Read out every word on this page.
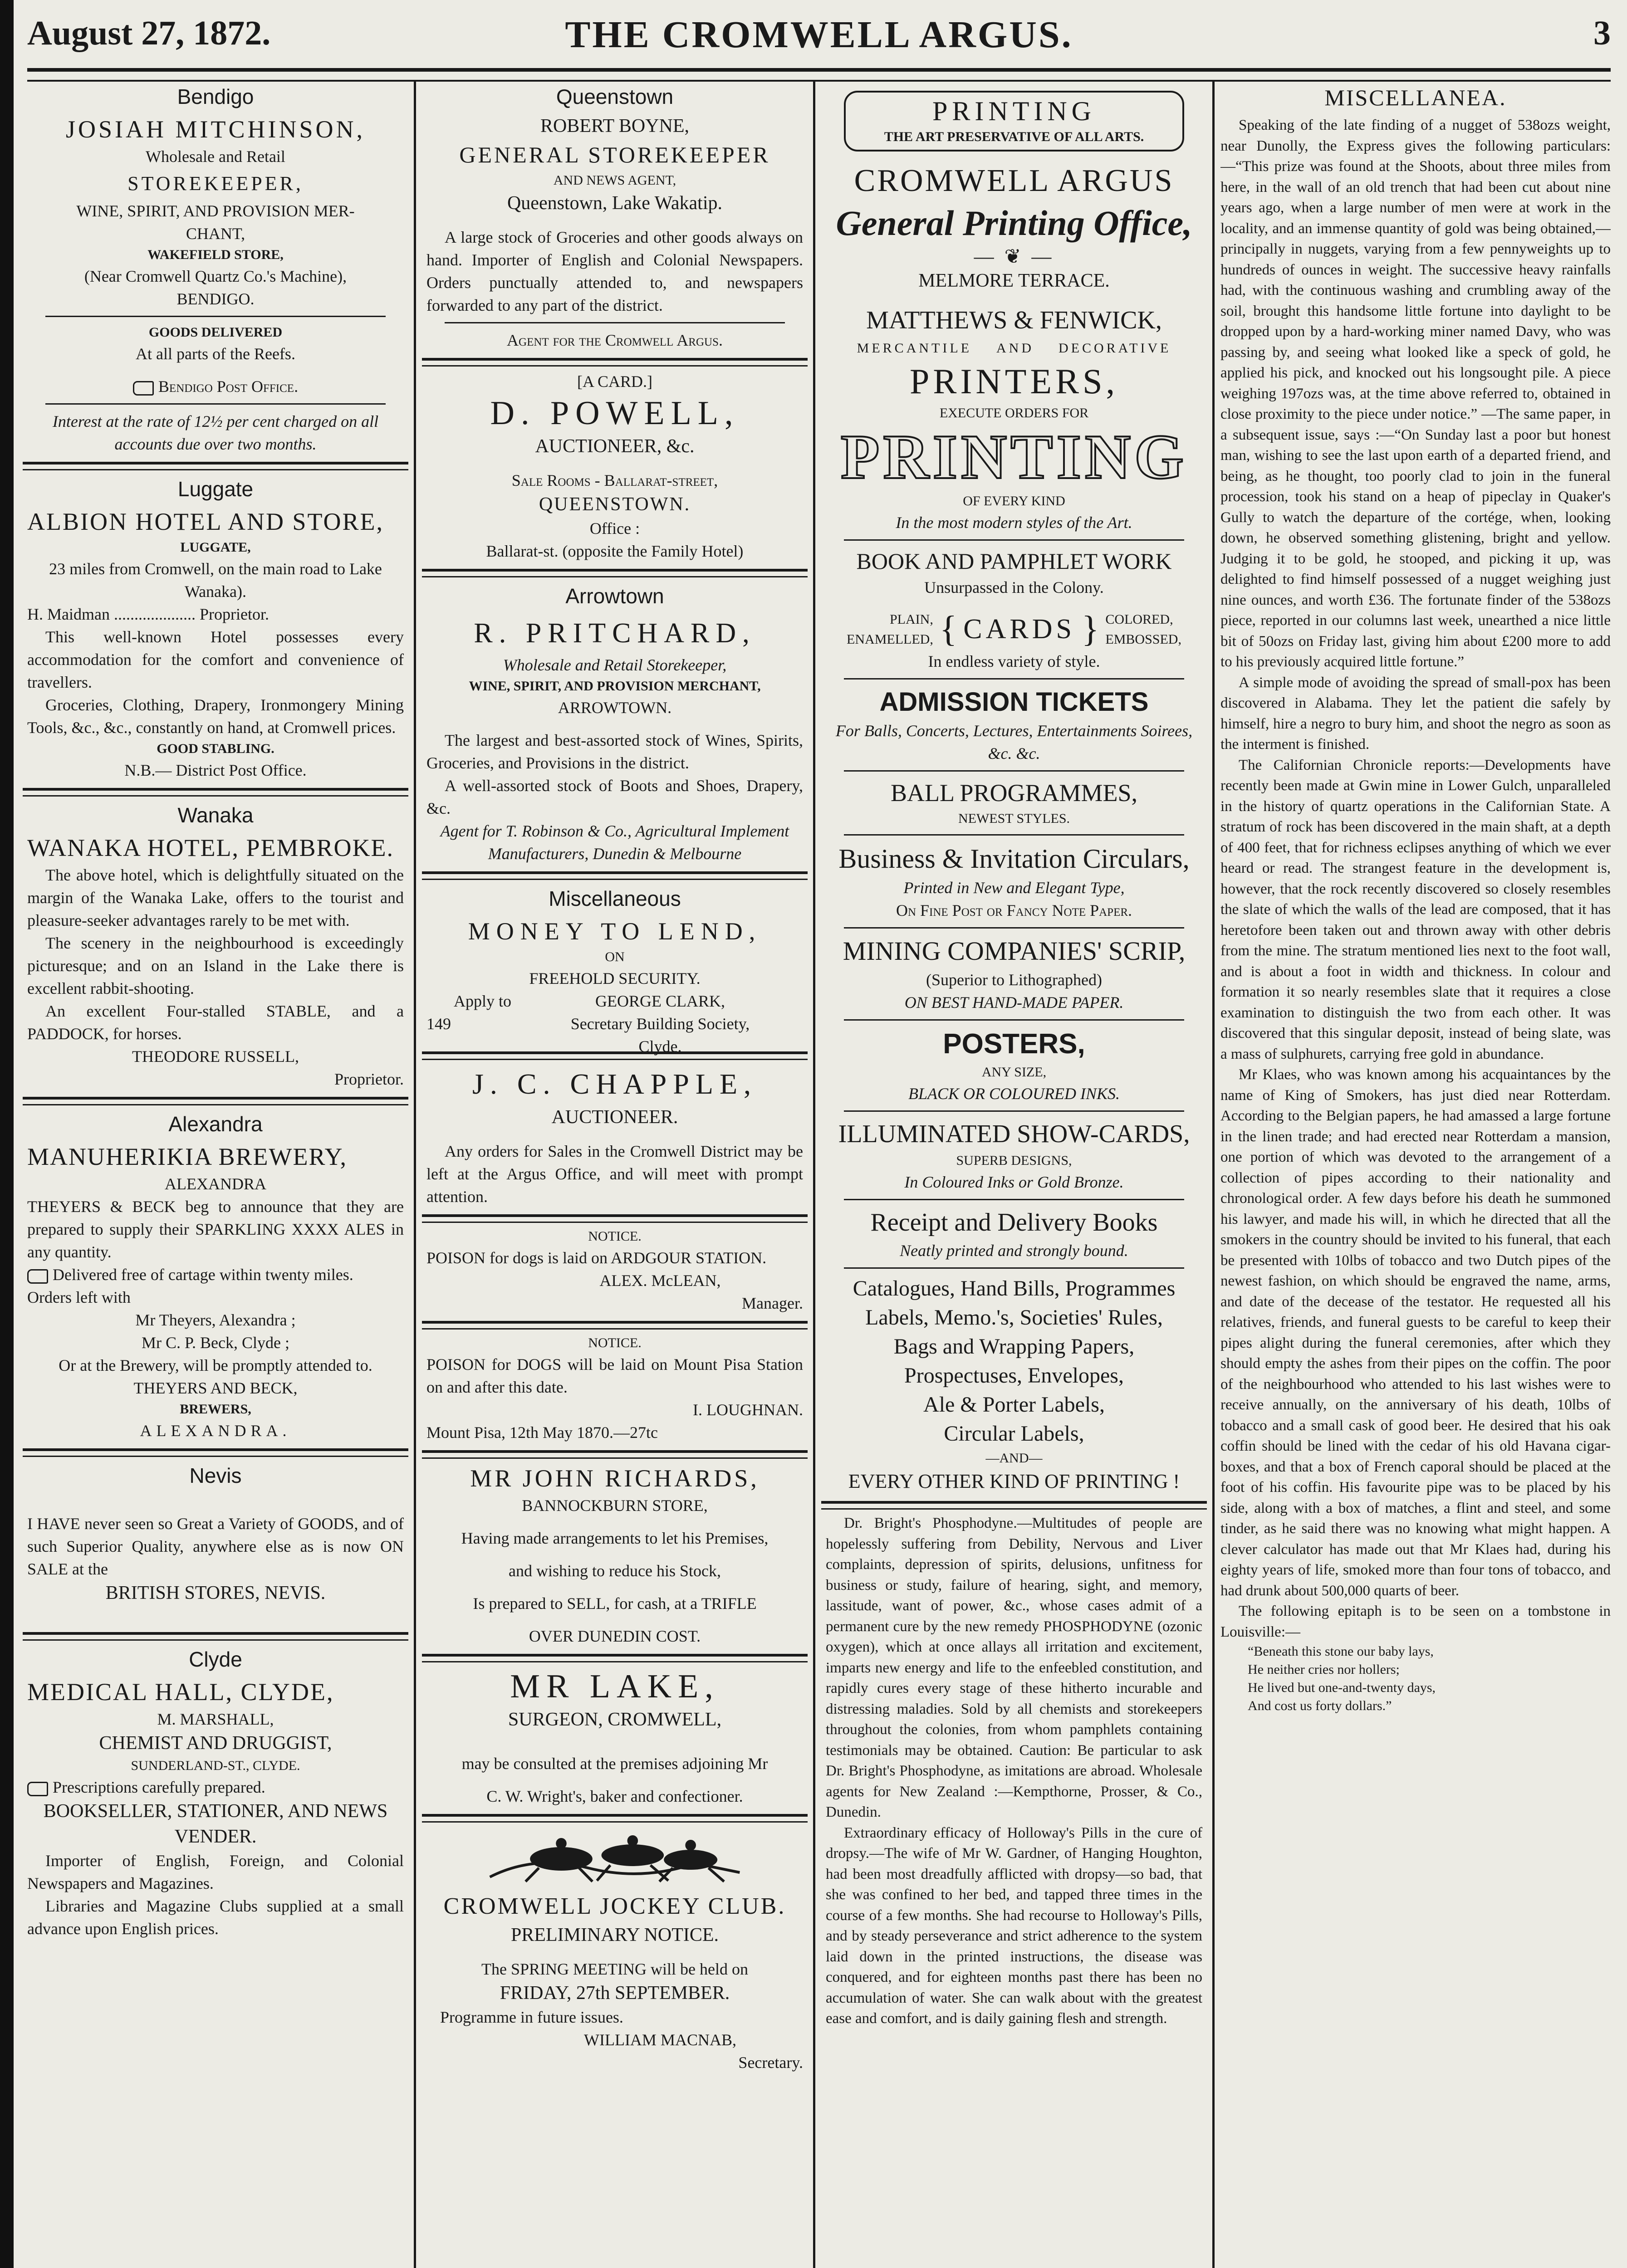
August 27, 1872.	THE CROMWELL ARGUS.	3
Bendigo
JOSIAH MITCHINSON,
Wholesale and Retail
STOREKEEPER,
WINE, SPIRIT, AND PROVISION MER-
CHANT,
WAKEFIELD STORE,
(Near Cromwell Quartz Co.'s Machine),
BENDIGO.
GOODS DELIVERED
At all parts of the Reefs.
Bendigo Post Office.
Interest at the rate of 12½ per cent charged on all accounts due over two months.
Luggate
ALBION HOTEL AND STORE,
LUGGATE,
23 miles from Cromwell, on the main road to Lake Wanaka).
H. Maidman .................... Proprietor.
This well-known Hotel possesses every accommodation for the comfort and convenience of travellers.
Groceries, Clothing, Drapery, Ironmongery Mining Tools, &c., &c., constantly on hand, at Cromwell prices.
GOOD STABLING.
N.B.— District Post Office.
Wanaka
WANAKA HOTEL, PEMBROKE.
The above hotel, which is delightfully situated on the margin of the Wanaka Lake, offers to the tourist and pleasure-seeker advantages rarely to be met with.
The scenery in the neighbourhood is exceedingly picturesque; and on an Island in the Lake there is excellent rabbit-shooting.
An excellent Four-stalled STABLE, and a PADDOCK, for horses.
THEODORE RUSSELL,
Proprietor.
Alexandra
MANUHERIKIA BREWERY,
ALEXANDRA
THEYERS & BECK beg to announce that they are prepared to supply their SPARKLING XXXX ALES in any quantity.
Delivered free of cartage within twenty miles.
Orders left with
Mr Theyers, Alexandra ;
Mr C. P. Beck, Clyde ;
Or at the Brewery, will be promptly attended to.
THEYERS AND BECK,
BREWERS,
ALEXANDRA.
Nevis
I HAVE never seen so Great a Variety of GOODS, and of such Superior Quality, anywhere else as is now ON SALE at the
BRITISH STORES, NEVIS.
Clyde
MEDICAL HALL, CLYDE,
M. MARSHALL,
CHEMIST AND DRUGGIST,
SUNDERLAND-ST., CLYDE.
Prescriptions carefully prepared.
BOOKSELLER, STATIONER, AND NEWS VENDER.
Importer of English, Foreign, and Colonial Newspapers and Magazines.
Libraries and Magazine Clubs supplied at a small advance upon English prices.
Queenstown
ROBERT BOYNE,
GENERAL STOREKEEPER
AND NEWS AGENT,
Queenstown, Lake Wakatip.
A large stock of Groceries and other goods always on hand. Importer of English and Colonial Newspapers. Orders punctually attended to, and newspapers forwarded to any part of the district.
Agent for the Cromwell Argus.
[A CARD.]
D. POWELL,
AUCTIONEER, &c.
Sale Rooms - Ballarat-street,
QUEENSTOWN.
Office :
Ballarat-st. (opposite the Family Hotel)
Arrowtown
R. PRITCHARD,
Wholesale and Retail Storekeeper,
WINE, SPIRIT, AND PROVISION MERCHANT,
ARROWTOWN.
The largest and best-assorted stock of Wines, Spirits, Groceries, and Provisions in the district.
A well-assorted stock of Boots and Shoes, Drapery, &c.
Agent for T. Robinson & Co., Agricultural Implement Manufacturers, Dunedin & Melbourne
Miscellaneous
MONEY TO LEND,
ON
FREEHOLD SECURITY.
Apply to	GEORGE CLARK,
Secretary Building Society,
Clyde.
149
J. C. CHAPPLE,
AUCTIONEER.
Any orders for Sales in the Cromwell District may be left at the Argus Office, and will meet with prompt attention.
NOTICE.
POISON for dogs is laid on ARDGOUR STATION.
ALEX. McLEAN,
Manager.
NOTICE.
POISON for DOGS will be laid on Mount Pisa Station on and after this date.
I. LOUGHNAN.
Mount Pisa, 12th May 1870.—27tc
MR JOHN RICHARDS,
BANNOCKBURN STORE,
Having made arrangements to let his Premises,
and wishing to reduce his Stock,
Is prepared to SELL, for cash, at a TRIFLE
OVER DUNEDIN COST.
MR LAKE,
SURGEON, CROMWELL,
may be consulted at the premises adjoining Mr
C. W. Wright's, baker and confectioner.
CROMWELL JOCKEY CLUB.
PRELIMINARY NOTICE.
The SPRING MEETING will be held on
FRIDAY, 27th SEPTEMBER.
Programme in future issues.
WILLIAM MACNAB,
Secretary.
PRINTING
THE ART PRESERVATIVE OF ALL ARTS.
CROMWELL ARGUS
General Printing Office,
— ❦ —
MELMORE TERRACE.
MATTHEWS & FENWICK,
MERCANTILE AND DECORATIVE
PRINTERS,
EXECUTE ORDERS FOR
PRINTING
OF EVERY KIND
In the most modern styles of the Art.
BOOK AND PAMPHLET WORK
Unsurpassed in the Colony.
PLAIN,
ENAMELLED, { CARDS } COLORED,
EMBOSSED,
In endless variety of style.
ADMISSION TICKETS
For Balls, Concerts, Lectures, Entertainments Soirees, &c. &c.
BALL PROGRAMMES,
NEWEST STYLES.
Business & Invitation Circulars,
Printed in New and Elegant Type,
On Fine Post or Fancy Note Paper.
MINING COMPANIES' SCRIP,
(Superior to Lithographed)
ON BEST HAND-MADE PAPER.
POSTERS,
ANY SIZE,
BLACK OR COLOURED INKS.
ILLUMINATED SHOW-CARDS,
SUPERB DESIGNS,
In Coloured Inks or Gold Bronze.
Receipt and Delivery Books
Neatly printed and strongly bound.
Catalogues, Hand Bills, Programmes
Labels, Memo.'s, Societies' Rules,
Bags and Wrapping Papers,
Prospectuses, Envelopes,
Ale & Porter Labels,
Circular Labels,
—AND—
EVERY OTHER KIND OF PRINTING !

Dr. Bright's Phosphodyne.—Multitudes of people are hopelessly suffering from Debility, Nervous and Liver complaints, depression of spirits, delusions, unfitness for business or study, failure of hearing, sight, and memory, lassitude, want of power, &c., whose cases admit of a permanent cure by the new remedy PHOSPHODYNE (ozonic oxygen), which at once allays all irritation and excitement, imparts new energy and life to the enfeebled constitution, and rapidly cures every stage of these hitherto incurable and distressing maladies. Sold by all chemists and storekeepers throughout the colonies, from whom pamphlets containing testimonials may be obtained. Caution: Be particular to ask Dr. Bright's Phosphodyne, as imitations are abroad. Wholesale agents for New Zealand :—Kempthorne, Prosser, & Co., Dunedin.

Extraordinary efficacy of Holloway's Pills in the cure of dropsy.—The wife of Mr W. Gardner, of Hanging Houghton, had been most dreadfully afflicted with dropsy—so bad, that she was confined to her bed, and tapped three times in the course of a few months. She had recourse to Holloway's Pills, and by steady perseverance and strict adherence to the system laid down in the printed instructions, the disease was conquered, and for eighteen months past there has been no accumulation of water. She can walk about with the greatest ease and comfort, and is daily gaining flesh and strength.

MISCELLANEA.

Speaking of the late finding of a nugget of 538ozs weight, near Dunolly, the Express gives the following particulars:—“This prize was found at the Shoots, about three miles from here, in the wall of an old trench that had been cut about nine years ago, when a large number of men were at work in the locality, and an immense quantity of gold was being obtained,—principally in nuggets, varying from a few pennyweights up to hundreds of ounces in weight. The successive heavy rainfalls had, with the continuous washing and crumbling away of the soil, brought this handsome little fortune into daylight to be dropped upon by a hard-working miner named Davy, who was passing by, and seeing what looked like a speck of gold, he applied his pick, and knocked out his longsought pile. A piece weighing 197ozs was, at the time above referred to, obtained in close proximity to the piece under notice.” —The same paper, in a subsequent issue, says :—“On Sunday last a poor but honest man, wishing to see the last upon earth of a departed friend, and being, as he thought, too poorly clad to join in the funeral procession, took his stand on a heap of pipeclay in Quaker's Gully to watch the departure of the cortége, when, looking down, he observed something glistening, bright and yellow. Judging it to be gold, he stooped, and picking it up, was delighted to find himself possessed of a nugget weighing just nine ounces, and worth £36. The fortunate finder of the 538ozs piece, reported in our columns last week, unearthed a nice little bit of 50ozs on Friday last, giving him about £200 more to add to his previously acquired little fortune.”

A simple mode of avoiding the spread of small-pox has been discovered in Alabama. They let the patient die safely by himself, hire a negro to bury him, and shoot the negro as soon as the interment is finished.

The Californian Chronicle reports:—Developments have recently been made at Gwin mine in Lower Gulch, unparalleled in the history of quartz operations in the Californian State. A stratum of rock has been discovered in the main shaft, at a depth of 400 feet, that for richness eclipses anything of which we ever heard or read. The strangest feature in the development is, however, that the rock recently discovered so closely resembles the slate of which the walls of the lead are composed, that it has heretofore been taken out and thrown away with other debris from the mine. The stratum mentioned lies next to the foot wall, and is about a foot in width and thickness. In colour and formation it so nearly resembles slate that it requires a close examination to distinguish the two from each other. It was discovered that this singular deposit, instead of being slate, was a mass of sulphurets, carrying free gold in abundance.

Mr Klaes, who was known among his acquaintances by the name of King of Smokers, has just died near Rotterdam. According to the Belgian papers, he had amassed a large fortune in the linen trade; and had erected near Rotterdam a mansion, one portion of which was devoted to the arrangement of a collection of pipes according to their nationality and chronological order. A few days before his death he summoned his lawyer, and made his will, in which he directed that all the smokers in the country should be invited to his funeral, that each be presented with 10lbs of tobacco and two Dutch pipes of the newest fashion, on which should be engraved the name, arms, and date of the decease of the testator. He requested all his relatives, friends, and funeral guests to be careful to keep their pipes alight during the funeral ceremonies, after which they should empty the ashes from their pipes on the coffin. The poor of the neighbourhood who attended to his last wishes were to receive annually, on the anniversary of his death, 10lbs of tobacco and a small cask of good beer. He desired that his oak coffin should be lined with the cedar of his old Havana cigar-boxes, and that a box of French caporal should be placed at the foot of his coffin. His favourite pipe was to be placed by his side, along with a box of matches, a flint and steel, and some tinder, as he said there was no knowing what might happen. A clever calculator has made out that Mr Klaes had, during his eighty years of life, smoked more than four tons of tobacco, and had drunk about 500,000 quarts of beer.

The following epitaph is to be seen on a tombstone in Louisville:—

“Beneath this stone our baby lays,

He neither cries nor hollers;

He lived but one-and-twenty days,

And cost us forty dollars.”
